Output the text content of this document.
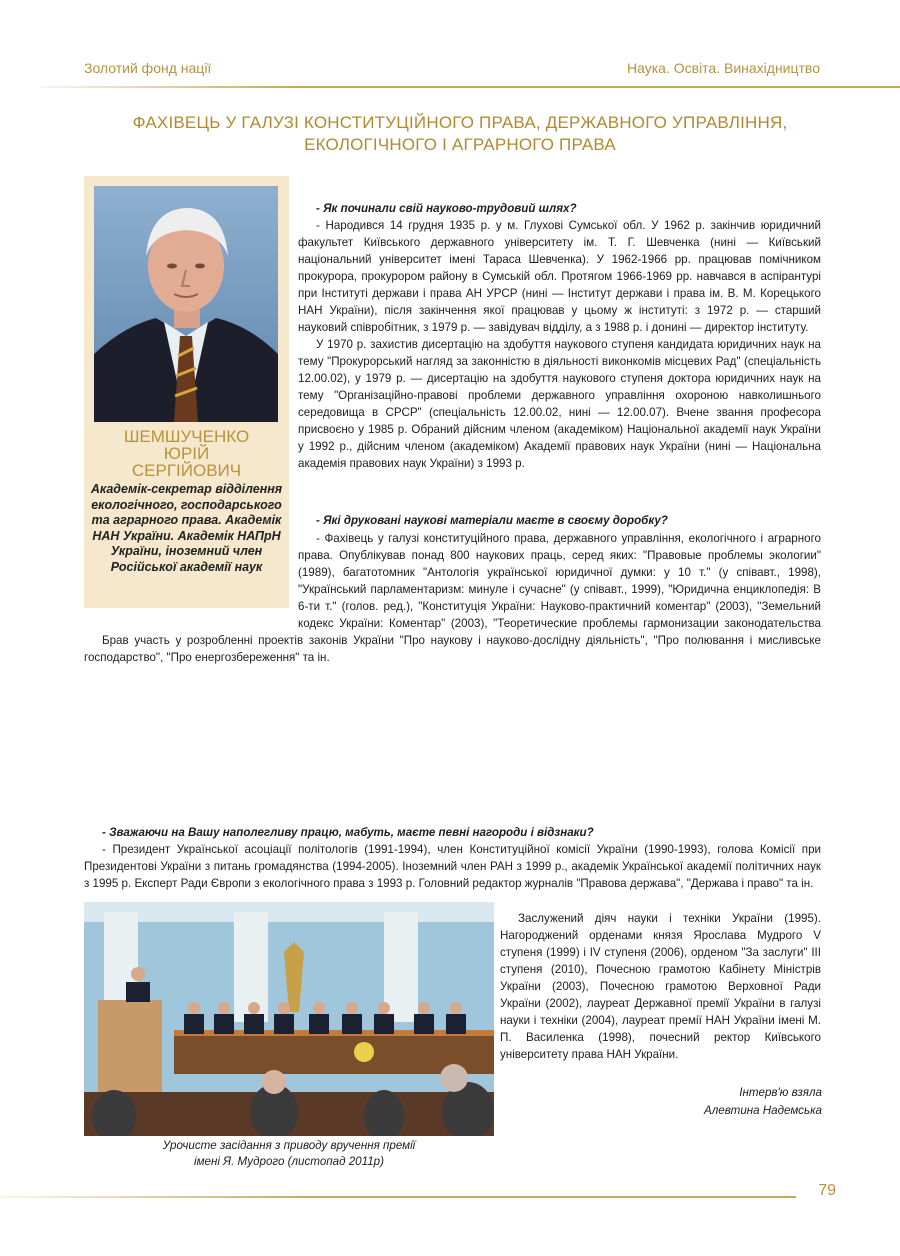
Золотий фонд нації	Наука. Освіта. Винахідництво
ФАХІВЕЦЬ У ГАЛУЗІ КОНСТИТУЦІЙНОГО ПРАВА, ДЕРЖАВНОГО УПРАВЛІННЯ,
ЕКОЛОГІЧНОГО І АГРАРНОГО ПРАВА
ШЕМШУЧЕНКО
ЮРІЙ
СЕРГІЙОВИЧ
Академік-секретар відділення екологічного, господарського та аграрного права. Академік НАН України. Академік НАПрН України, іноземний член Російської академії наук

- Як починали свій науково-трудовий шлях?

- Народився 14 грудня 1935 р. у м. Глухові Сумської обл. У 1962 р. закінчив юридичний факультет Київського державного університету ім. Т. Г. Шевченка (нині — Київський національний університет імені Тараса Шевченка). У 1962-1966 рр. працював помічником прокурора, прокурором району в Сумській обл. Протягом 1966-1969 рр. навчався в аспірантурі при Інституті держави і права АН УРСР (нині — Інститут держави і права ім. В. М. Корецького НАН України), після закінчення якої працював у цьому ж інституті: з 1972 р. — старший науковий співробітник, з 1979 р. — завідувач відділу, а з 1988 р. і донині — директор інституту.

У 1970 р. захистив дисертацію на здобуття наукового ступеня кандидата юридичних наук на тему "Прокурорський нагляд за законністю в діяльності виконкомів місцевих Рад" (спеціальність 12.00.02), у 1979 р. — дисертацію на здобуття наукового ступеня доктора юридичних наук на тему "Організаційно-правові проблеми державного управління охороною навколишнього середовища в СРСР" (спеціальність 12.00.02, нині — 12.00.07). Вчене звання професора присвоєно у 1985 р. Обраний дійсним членом (академіком) Національної академії наук України у 1992 р., дійсним членом (академіком) Академії правових наук України (нині — Національна академія правових наук України) з 1993 р.

- Які друковані наукові матеріали маєте в своєму доробку?

- Фахівець у галузі конституційного права, державного управління, екологічного і аграрного права. Опублікував понад 800 наукових праць, серед яких: "Правовые проблемы экологии" (1989), багатотомник "Антологія української юридичної думки: у 10 т." (у співавт., 1998), "Український парламентаризм: минуле і сучасне" (у співавт., 1999), "Юридична енциклопедія: В 6-ти т." (голов. ред.), "Конституція України: Науково-практичний коментар" (2003), "Земельний кодекс України: Коментар" (2003), "Теоретические проблемы гармонизации законодательства

Брав участь у розробленні проектів законів України "Про наукову і науково-дослідну діяльність", "Про полювання і мисливське господарство", "Про енергозбереження" та ін.

- Зважаючи на Вашу наполегливу працю, мабуть, маєте певні нагороди і відзнаки?

- Президент Української асоціації політологів (1991-1994), член Конституційної комісії України (1990-1993), голова Комісії при Президентові України з питань громадянства (1994-2005). Іноземний член РАН з 1999 р., академік Української академії політичних наук з 1995 р. Експерт Ради Європи з екологічного права з 1993 р. Головний редактор журналів "Правова держава", "Держава і право" та ін.

Заслужений діяч науки і техніки України (1995). Нагороджений орденами князя Ярослава Мудрого V ступеня (1999) і IV ступеня (2006), орденом "За заслуги" III ступеня (2010), Почесною грамотою Кабінету Міністрів України (2003), Почесною грамотою Верховної Ради України (2002), лауреат Державної премії України в галузі науки і техніки (2004), лауреат премії НАН України імені М. П. Василенка (1998), почесний ректор Київського університету права НАН України.

Урочисте засідання з приводу вручення премії
імені Я. Мудрого (листопад 2011р)
Інтерв'ю взяла
Алевтина Надемська
79
